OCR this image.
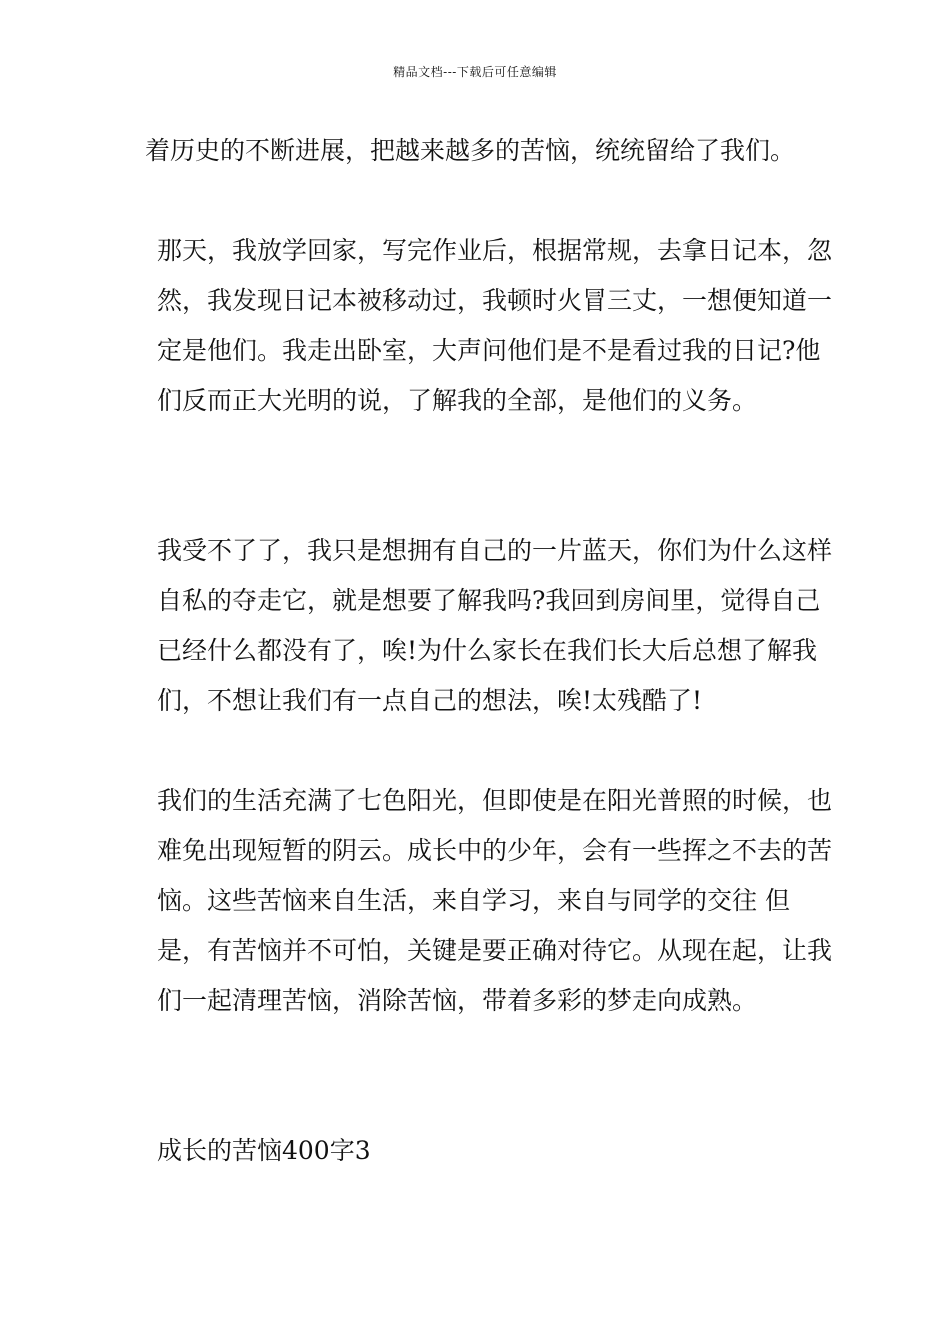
精品文档---下载后可任意编辑

着历史的不断进展，把越来越多的苦恼，统统留给了我们。

那天，我放学回家，写完作业后，根据常规，去拿日记本，忽然，我发现日记本被移动过，我顿时火冒三丈，一想便知道一定是他们。我走出卧室，大声问他们是不是看过我的日记?他们反而正大光明的说，了解我的全部，是他们的义务。

我受不了了，我只是想拥有自己的一片蓝天，你们为什么这样自私的夺走它，就是想要了解我吗?我回到房间里，觉得自己已经什么都没有了，唉!为什么家长在我们长大后总想了解我们，不想让我们有一点自己的想法，唉!太残酷了!

我们的生活充满了七色阳光，但即使是在阳光普照的时候，也难免出现短暂的阴云。成长中的少年，会有一些挥之不去的苦恼。这些苦恼来自生活，来自学习，来自与同学的交往 但是，有苦恼并不可怕，关键是要正确对待它。从现在起，让我们一起清理苦恼，消除苦恼，带着多彩的梦走向成熟。

成长的苦恼400字3
